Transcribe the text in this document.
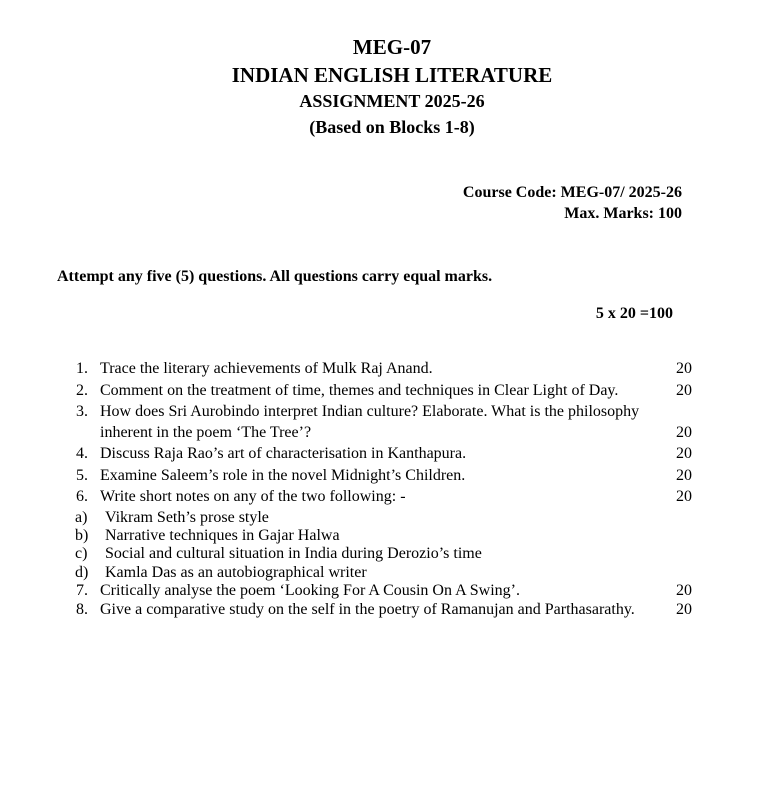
MEG-07
INDIAN ENGLISH LITERATURE
ASSIGNMENT 2025-26
(Based on Blocks 1-8)
Course Code: MEG-07/ 2025-26
Max. Marks: 100
Attempt any five (5) questions. All questions carry equal marks.
5 x 20 =100
1. Trace the literary achievements of Mulk Raj Anand.	20
2. Comment on the treatment of time, themes and techniques in Clear Light of Day.	20
3. How does Sri Aurobindo interpret Indian culture? Elaborate. What is the philosophy
inherent in the poem ‘The Tree’?	20
4. Discuss Raja Rao’s art of characterisation in Kanthapura.	20
5. Examine Saleem’s role in the novel Midnight’s Children.	20
6. Write short notes on any of the two following: -	20
a) Vikram Seth’s prose style
b) Narrative techniques in Gajar Halwa
c) Social and cultural situation in India during Derozio’s time
d) Kamla Das as an autobiographical writer
7. Critically analyse the poem ‘Looking For A Cousin On A Swing’.	20
8. Give a comparative study on the self in the poetry of Ramanujan and Parthasarathy.	20
